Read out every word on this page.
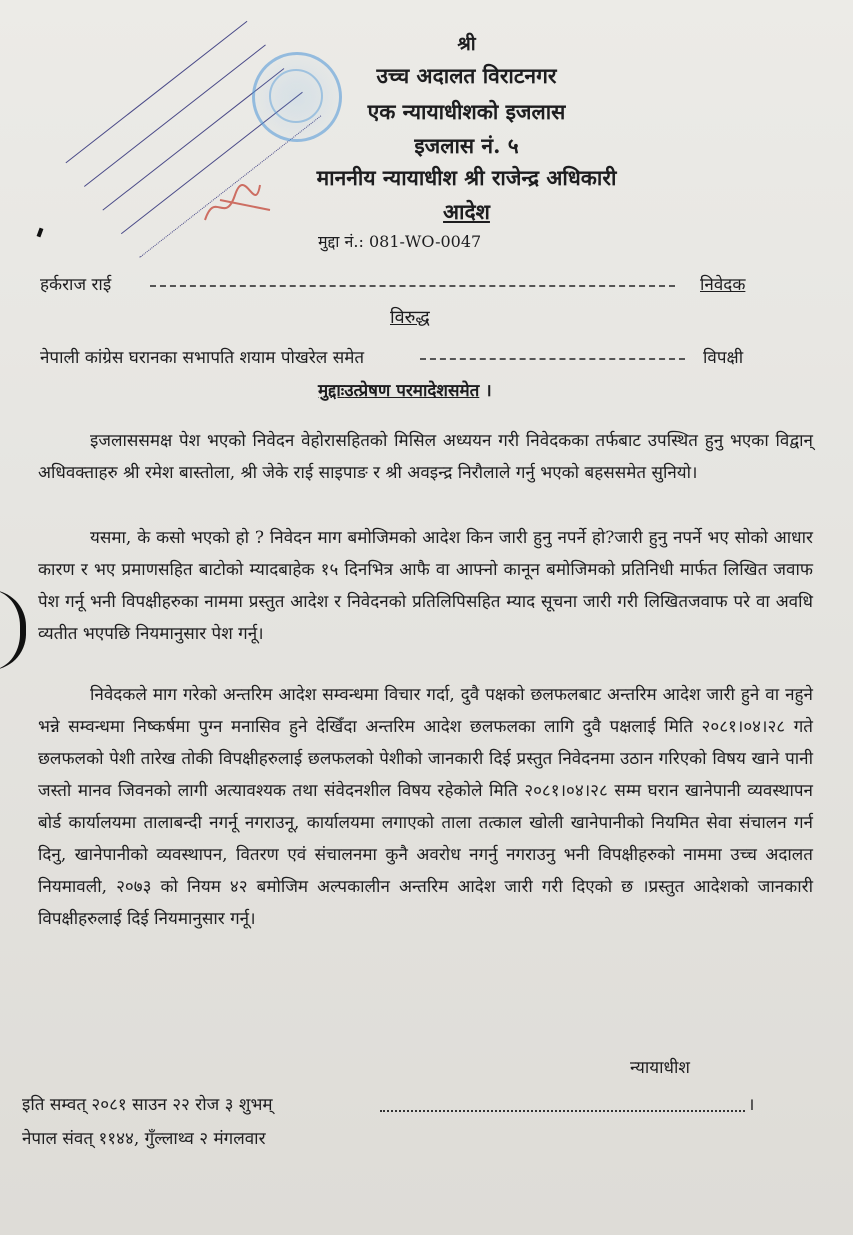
श्री
उच्च अदालत विराटनगर
एक न्यायाधीशको इजलास
इजलास नं. ५
माननीय न्यायाधीश श्री राजेन्द्र अधिकारी
आदेश
मुद्दा नं.: 081-WO-0047
हर्कराज राई	निवेदक
विरुद्ध
नेपाली कांग्रेस घरानका सभापति शयाम पोखरेल समेत	विपक्षी
मुद्दाःउत्प्रेषण परमादेशसमेत ।

इजलाससमक्ष पेश भएको निवेदन वेहोरासहितको मिसिल अध्ययन गरी निवेदकका तर्फबाट उपस्थित हुनु भएका विद्वान् अधिवक्ताहरु श्री रमेश बास्तोला, श्री जेके राई साइपाङ र श्री अवइन्द्र निरौलाले गर्नु भएको बहससमेत सुनियो।

यसमा, के कसो भएको हो ? निवेदन माग बमोजिमको आदेश किन जारी हुनु नपर्ने हो?जारी हुनु नपर्ने भए सोको आधार कारण र भए प्रमाणसहित बाटोको म्यादबाहेक १५ दिनभित्र आफै वा आफ्नो कानून बमोजिमको प्रतिनिधी मार्फत लिखित जवाफ पेश गर्नू भनी विपक्षीहरुका नाममा प्रस्तुत आदेश र निवेदनको प्रतिलिपिसहित म्याद सूचना जारी गरी लिखितजवाफ परे वा अवधि व्यतीत भएपछि नियमानुसार पेश गर्नू।

निवेदकले माग गरेको अन्तरिम आदेश सम्वन्धमा विचार गर्दा, दुवै पक्षको छलफलबाट अन्तरिम आदेश जारी हुने वा नहुने भन्ने सम्वन्धमा निष्कर्षमा पुग्न मनासिव हुने देखिँदा अन्तरिम आदेश छलफलका लागि दुवै पक्षलाई मिति २०८१।०४।२८ गते छलफलको पेशी तारेख तोकी विपक्षीहरुलाई छलफलको पेशीको जानकारी दिई प्रस्तुत निवेदनमा उठान गरिएको विषय खाने पानी जस्तो मानव जिवनको लागी अत्यावश्यक तथा संवेदनशील विषय रहेकोले मिति २०८१।०४।२८ सम्म घरान खानेपानी व्यवस्थापन बोर्ड कार्यालयमा तालाबन्दी नगर्नू नगराउनू, कार्यालयमा लगाएको ताला तत्काल खोली खानेपानीको नियमित सेवा संचालन गर्न दिनु, खानेपानीको व्यवस्थापन, वितरण एवं संचालनमा कुनै अवरोध नगर्नु नगराउनु भनी विपक्षीहरुको नाममा उच्च अदालत नियमावली, २०७३ को नियम ४२ बमोजिम अल्पकालीन अन्तरिम आदेश जारी गरी दिएको छ ।प्रस्तुत आदेशको जानकारी विपक्षीहरुलाई दिई नियमानुसार गर्नू।

न्यायाधीश
इति सम्वत् २०८१ साउन २२ रोज ३ शुभम्	।
नेपाल संवत् ११४४, गुँल्लाथ्व २ मंगलवार
